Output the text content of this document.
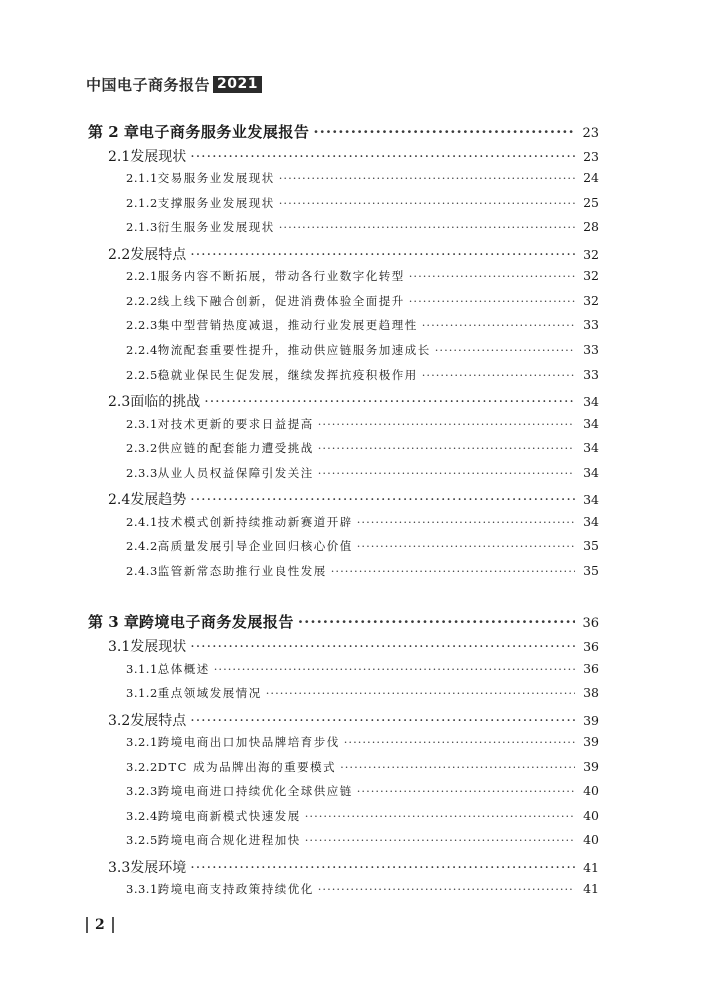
中国电子商务报告 2021
第 2 章 电子商务服务业发展报告 ·····	23
2.1 发展现状 ·····	23
2.1.1 交易服务业发展现状 ·····	24
2.1.2 支撑服务业发展现状 ·····	25
2.1.3 衍生服务业发展现状 ·····	28
2.2 发展特点 ·····	32
2.2.1 服务内容不断拓展，带动各行业数字化转型 ·····	32
2.2.2 线上线下融合创新，促进消费体验全面提升 ·····	32
2.2.3 集中型营销热度减退，推动行业发展更趋理性 ·····	33
2.2.4 物流配套重要性提升，推动供应链服务加速成长 ·····	33
2.2.5 稳就业保民生促发展，继续发挥抗疫积极作用 ·····	33
2.3 面临的挑战 ·····	34
2.3.1 对技术更新的要求日益提高 ·····	34
2.3.2 供应链的配套能力遭受挑战 ·····	34
2.3.3 从业人员权益保障引发关注 ·····	34
2.4 发展趋势 ·····	34
2.4.1 技术模式创新持续推动新赛道开辟 ·····	34
2.4.2 高质量发展引导企业回归核心价值 ·····	35
2.4.3 监管新常态助推行业良性发展 ·····	35
第 3 章 跨境电子商务发展报告 ·····	36
3.1 发展现状 ·····	36
3.1.1 总体概述 ·····	36
3.1.2 重点领域发展情况 ·····	38
3.2 发展特点 ·····	39
3.2.1 跨境电商出口加快品牌培育步伐 ·····	39
3.2.2 DTC 成为品牌出海的重要模式 ·····	39
3.2.3 跨境电商进口持续优化全球供应链 ·····	40
3.2.4 跨境电商新模式快速发展 ·····	40
3.2.5 跨境电商合规化进程加快 ·····	40
3.3 发展环境 ·····	41
3.3.1 跨境电商支持政策持续优化 ·····	41
2
